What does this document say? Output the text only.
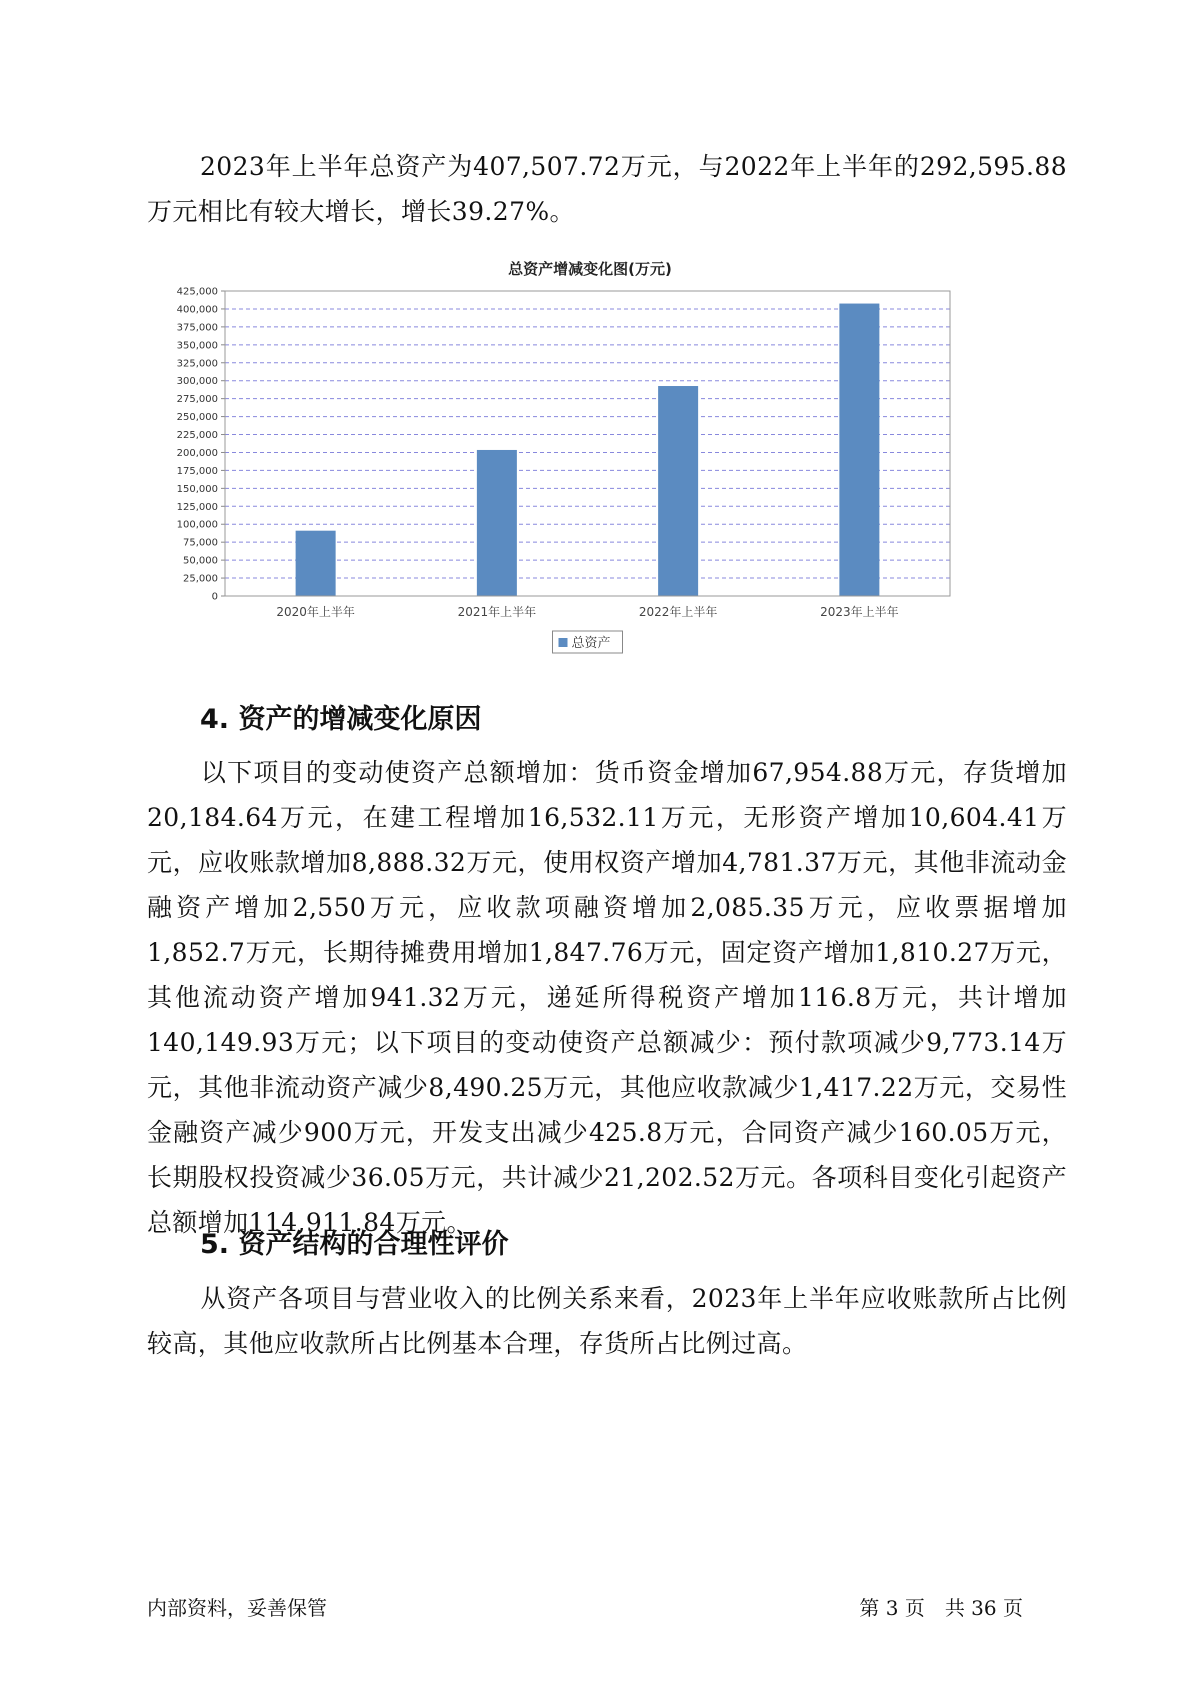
2023年上半年总资产为407,507.72万元，与2022年上半年的292,595.88万元相比有较大增长，增长39.27%。

总资产增减变化图(万元)
0
25,000
50,000
75,000
100,000
125,000
150,000
175,000
200,000
225,000
250,000
275,000
300,000
325,000
350,000
375,000
400,000
425,000
2020年上半年	2021年上半年	2022年上半年	2023年上半年
总资产
4. 资产的增减变化原因

以下项目的变动使资产总额增加：货币资金增加67,954.88万元，存货增加20,184.64万元，在建工程增加16,532.11万元，无形资产增加10,604.41万元，应收账款增加8,888.32万元，使用权资产增加4,781.37万元，其他非流动金融资产增加2,550万元，应收款项融资增加2,085.35万元，应收票据增加1,852.7万元，长期待摊费用增加1,847.76万元，固定资产增加1,810.27万元，其他流动资产增加941.32万元，递延所得税资产增加116.8万元，共计增加140,149.93万元；以下项目的变动使资产总额减少：预付款项减少9,773.14万元，其他非流动资产减少8,490.25万元，其他应收款减少1,417.22万元，交易性金融资产减少900万元，开发支出减少425.8万元，合同资产减少160.05万元，长期股权投资减少36.05万元，共计减少21,202.52万元。各项科目变化引起资产总额增加114,911.84万元。

5. 资产结构的合理性评价

从资产各项目与营业收入的比例关系来看，2023年上半年应收账款所占比例较高，其他应收款所占比例基本合理，存货所占比例过高。

内部资料，妥善保管	第 3 页　共 36 页
